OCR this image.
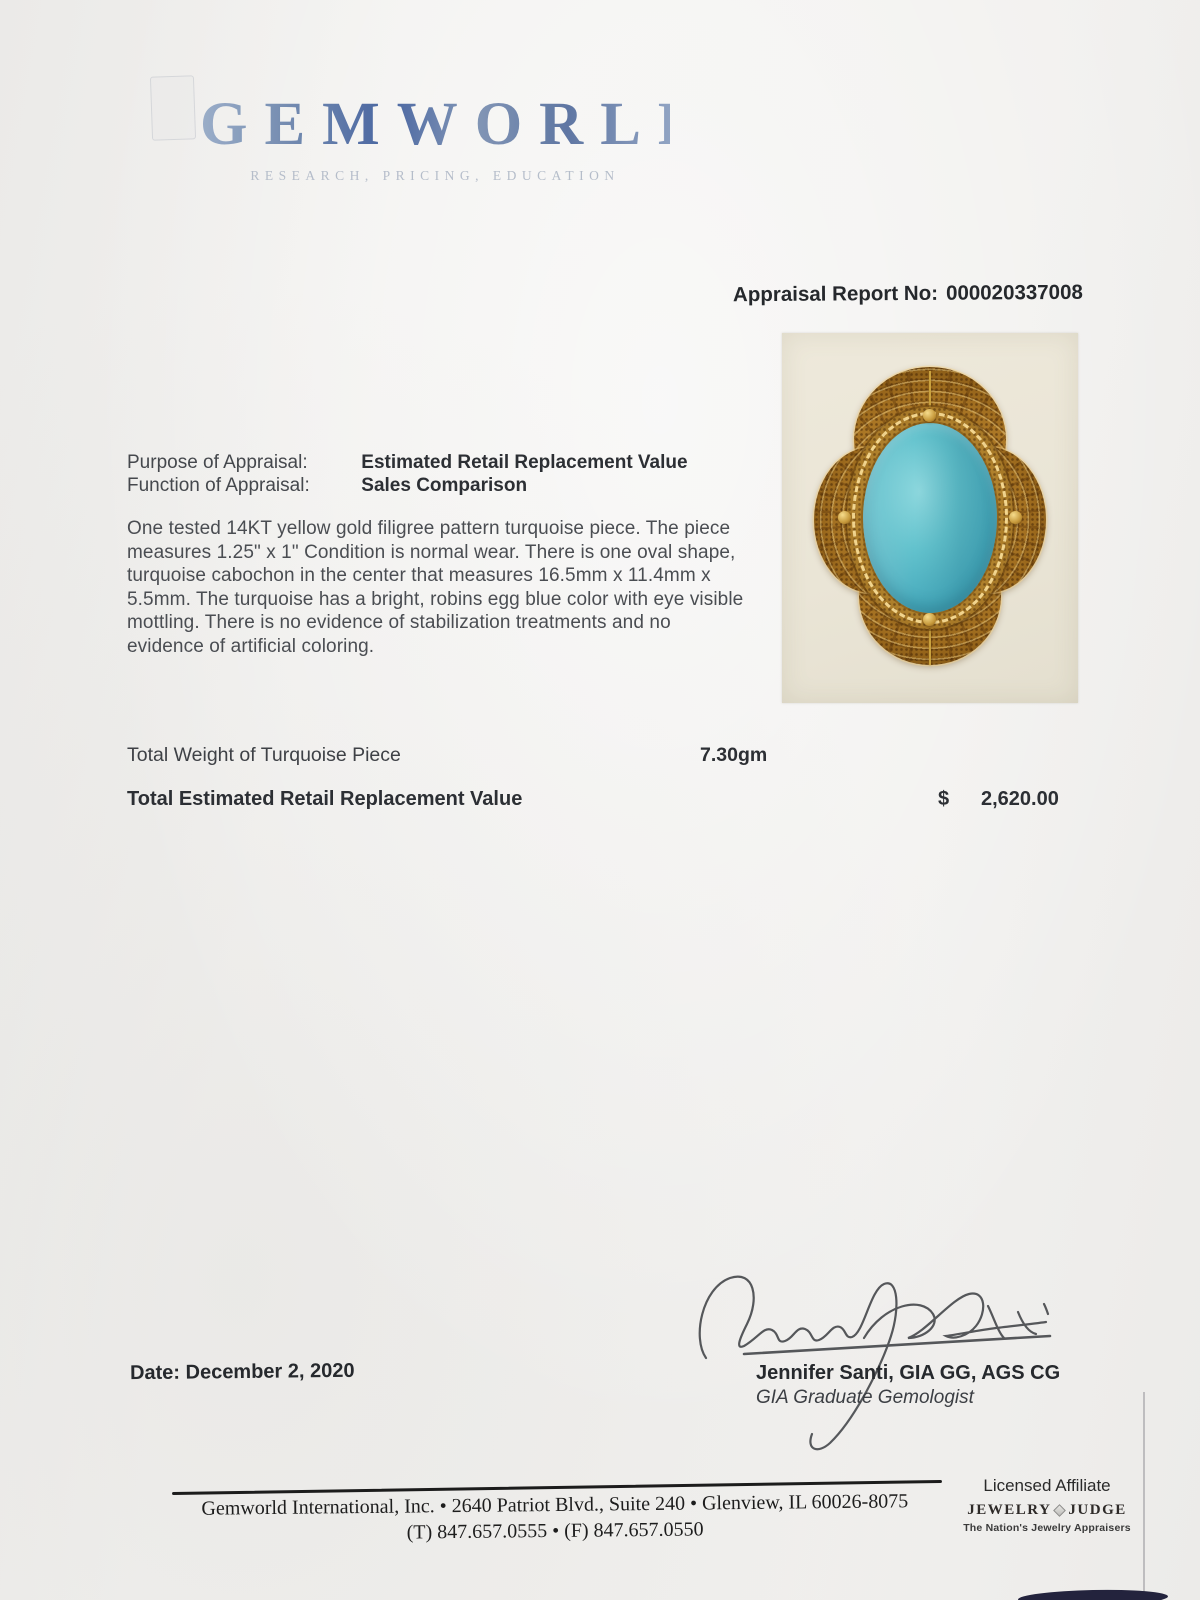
GEMWORLD
RESEARCH, PRICING, EDUCATION
Appraisal Report No: 000020337008
Purpose of Appraisal:	Estimated Retail Replacement Value
Function of Appraisal:	Sales Comparison
One tested 14KT yellow gold filigree pattern turquoise piece. The piece measures 1.25" x 1" Condition is normal wear. There is one oval shape, turquoise cabochon in the center that measures 16.5mm x 11.4mm x 5.5mm. The turquoise has a bright, robins egg blue color with eye visible mottling. There is no evidence of stabilization treatments and no evidence of artificial coloring.
Total Weight of Turquoise Piece	7.30gm
Total Estimated Retail Replacement Value	$ 2,620.00
Date: December 2, 2020	Jennifer Santi, GIA GG, AGS CG
GIA Graduate Gemologist
Gemworld International, Inc. • 2640 Patriot Blvd., Suite 240 • Glenview, IL 60026-8075
(T) 847.657.0555 • (F) 847.657.0550
Licensed Affiliate
JEWELRY JUDGE
The Nation's Jewelry Appraisers
